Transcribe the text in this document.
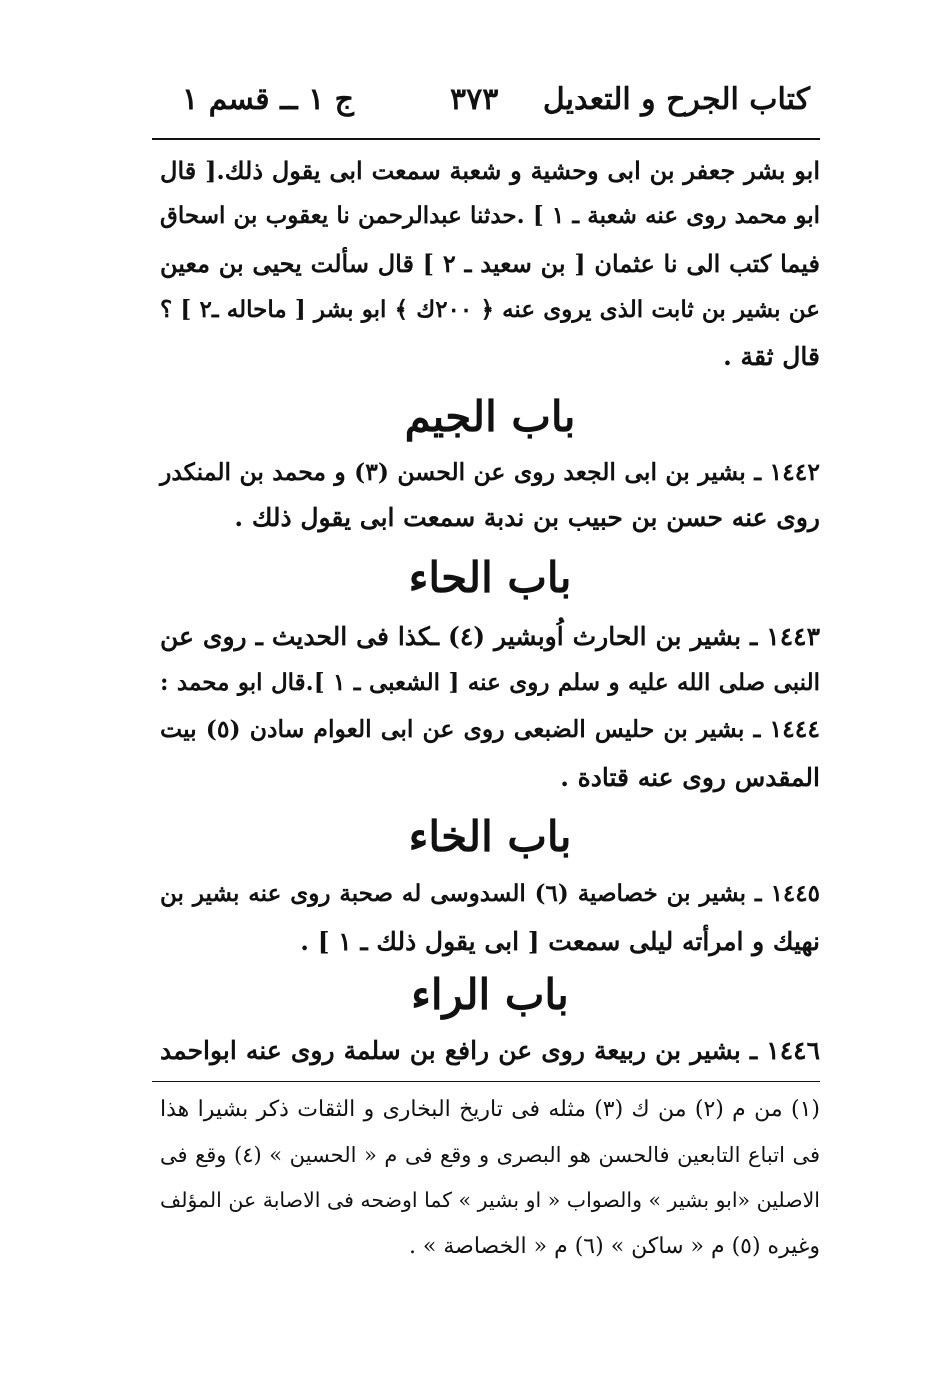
كتاب الجرح و التعديل
٣٧٣
ج ١ ــ قسم ١
ابو بشر جعفر بن ابى وحشية و شعبة سمعت ابى يقول ذلك.[ قال
ابو محمد روى عنه شعبة ـ ١ ] .حدثنا عبدالرحمن نا يعقوب بن اسحاق
فيما كتب الى نا عثمان [ بن سعيد ـ ٢ ] قال سألت يحيى بن معين
عن بشير بن ثابت الذى يروى عنه ﴿ ٢٠٠ك ﴾ ابو بشر [ ماحاله ـ٢ ] ؟
قال ثقة .
باب الجيم
١٤٤٢ ـ بشير بن ابى الجعد روى عن الحسن (٣) و محمد بن المنكدر
روى عنه حسن بن حبيب بن ندبة سمعت ابى يقول ذلك .
باب الحاء
١٤٤٣ ـ بشير بن الحارث اُوبشير (٤) ـكذا فى الحديث ـ روى عن
النبى صلى الله عليه و سلم روى عنه [ الشعبى ـ ١ ].قال ابو محمد :
١٤٤٤ ـ بشير بن حليس الضبعى روى عن ابى العوام سادن (٥) بيت
المقدس روى عنه قتادة .
باب الخاء
١٤٤٥ ـ بشير بن خصاصية (٦) السدوسى له صحبة روى عنه بشير بن
نهيك و امرأته ليلى سمعت [ ابى يقول ذلك ـ ١ ] .
باب الراء
١٤٤٦ ـ بشير بن ربيعة روى عن رافع بن سلمة روى عنه ابواحمد
(١) من م (٢) من ك (٣) مثله فى تاريخ البخارى و الثقات ذكر بشيرا هذا
فى اتباع التابعين فالحسن هو البصرى و وقع فى م « الحسين » (٤) وقع فى
الاصلين «ابو بشير » والصواب « او بشير » كما اوضحه فى الاصابة عن المؤلف
وغيره (٥) م « ساكن » (٦) م « الخصاصة » .
